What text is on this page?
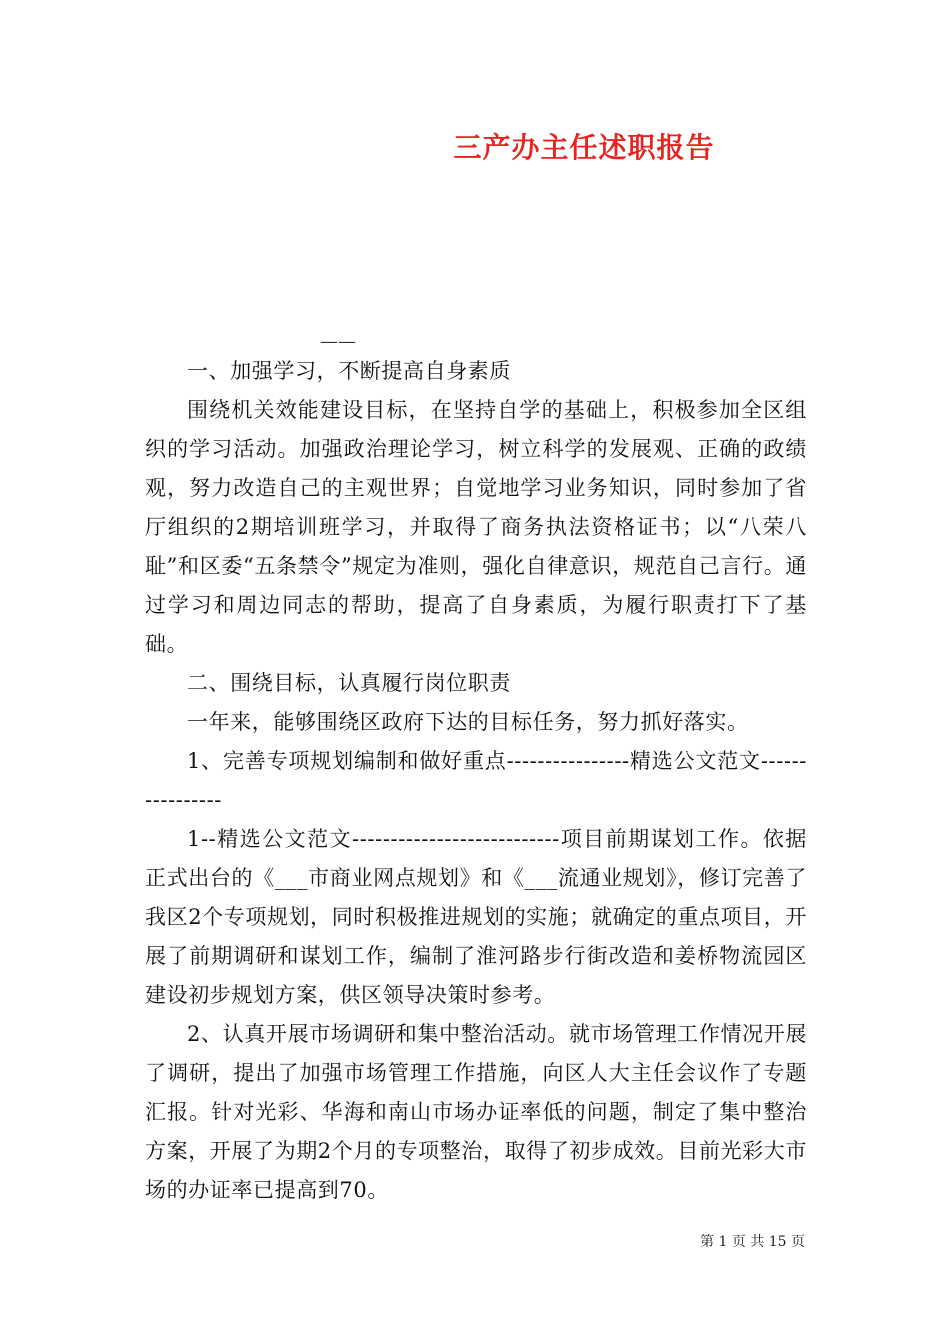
三产办主任述职报告
——

一、加强学习，不断提高自身素质

围绕机关效能建设目标，在坚持自学的基础上，积极参加全区组织的学习活动。加强政治理论学习，树立科学的发展观、正确的政绩观，努力改造自己的主观世界；自觉地学习业务知识，同时参加了省厅组织的2期培训班学习，并取得了商务执法资格证书；以“八荣八耻”和区委“五条禁令”规定为准则，强化自律意识，规范自己言行。通过学习和周边同志的帮助，提高了自身素质，为履行职责打下了基础。

二、围绕目标，认真履行岗位职责

一年来，能够围绕区政府下达的目标任务，努力抓好落实。

1、完善专项规划编制和做好重点----------------精选公文范文----------------

1--精选公文范文---------------------------项目前期谋划工作。依据正式出台的《___市商业网点规划》和《___流通业规划》，修订完善了我区2个专项规划，同时积极推进规划的实施；就确定的重点项目，开展了前期调研和谋划工作，编制了淮河路步行街改造和姜桥物流园区建设初步规划方案，供区领导决策时参考。

2、认真开展市场调研和集中整治活动。就市场管理工作情况开展了调研，提出了加强市场管理工作措施，向区人大主任会议作了专题汇报。针对光彩、华海和南山市场办证率低的问题，制定了集中整治方案，开展了为期2个月的专项整治，取得了初步成效。目前光彩大市场的办证率已提高到70。

第 1 页 共 15 页
